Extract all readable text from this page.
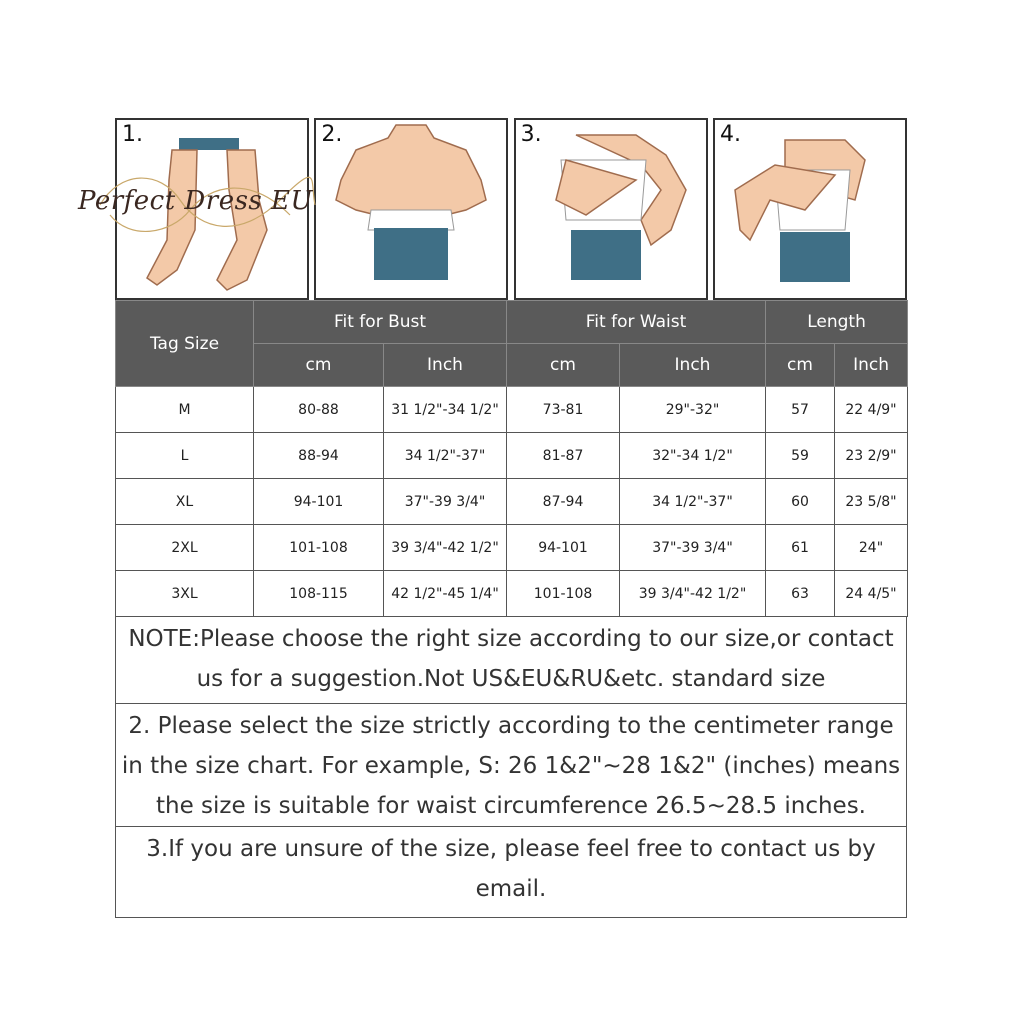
1.	2.	3.	4.
Tag Size	Fit for Bust		Fit for Waist		Length	
	cm	Inch	cm	Inch	cm	Inch
M	80-88	31 1/2"-34 1/2"	73-81	29"-32"	57	22 4/9"
L	88-94	34 1/2"-37"	81-87	32"-34 1/2"	59	23 2/9"
XL	94-101	37"-39 3/4"	87-94	34 1/2"-37"	60	23 5/8"
2XL	101-108	39 3/4"-42 1/2"	94-101	37"-39 3/4"	61	24"
3XL	108-115	42 1/2"-45 1/4"	101-108	39 3/4"-42 1/2"	63	24 4/5"
NOTE:Please choose the right size according to our size,or contact us for a suggestion.Not US&EU&RU&etc. standard size
2. Please select the size strictly according to the centimeter range in the size chart. For example, S: 26 1&2"~28 1&2" (inches) means the size is suitable for waist circumference 26.5~28.5 inches.
3.If you are unsure of the size, please feel free to contact us by email.
Perfect Dress EU
